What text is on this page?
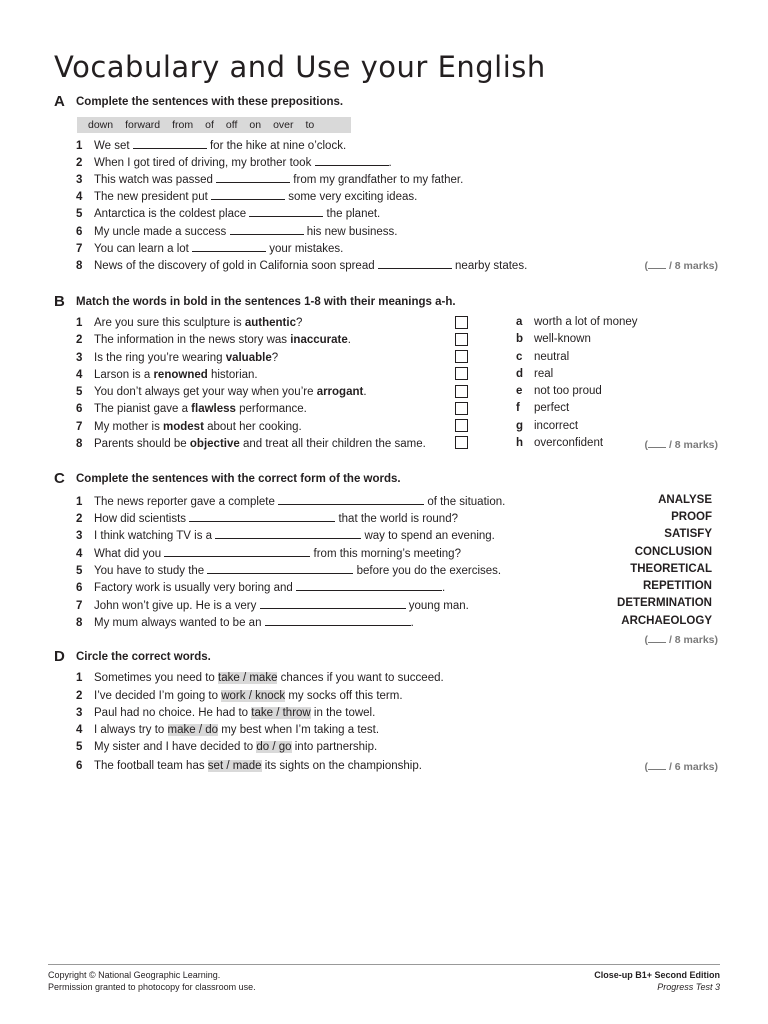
Vocabulary and Use your English
A Complete the sentences with these prepositions.
down forward from of off on over to
1 We set	for the hike at nine o’clock.
2 When I got tired of driving, my brother took	.
3 This watch was passed	from my grandfather to my father.
4 The new president put	some very exciting ideas.
5 Antarctica is the coldest place	the planet.
6 My uncle made a success	his new business.
7 You can learn a lot	your mistakes.
8 News of the discovery of gold in California soon spread	nearby states.	( / 8 marks)
B Match the words in bold in the sentences 1-8 with their meanings a-h.
1 Are you sure this sculpture is authentic?
2 The information in the news story was inaccurate.
3 Is the ring you’re wearing valuable?
4 Larson is a renowned historian.
5 You don’t always get your way when you’re arrogant.
6 The pianist gave a flawless performance.
7 My mother is modest about her cooking.
8 Parents should be objective and treat all their children the same.
a worth a lot of money
b well-known
c neutral
d real
e not too proud
f perfect
g incorrect
h overconfident	( / 8 marks)
C Complete the sentences with the correct form of the words.
1 The news reporter gave a complete	of the situation.
2 How did scientists	that the world is round?
3 I think watching TV is a	way to spend an evening.
4 What did you	from this morning’s meeting?
5 You have to study the	before you do the exercises.
6 Factory work is usually very boring and	.
7 John won’t give up. He is a very	young man.
8 My mum always wanted to be an	.
ANALYSE
PROOF
SATISFY
CONCLUSION
THEORETICAL
REPETITION
DETERMINATION
ARCHAEOLOGY
( / 8 marks)
D Circle the correct words.
1 Sometimes you need to take / make chances if you want to succeed.
2 I’ve decided I’m going to work / knock my socks off this term.
3 Paul had no choice. He had to take / throw in the towel.
4 I always try to make / do my best when I’m taking a test.
5 My sister and I have decided to do / go into partnership.
6 The football team has set / made its sights on the championship.	( / 6 marks)
Copyright © National Geographic Learning.
Permission granted to photocopy for classroom use.
Close-up B1+ Second Edition
Progress Test 3
